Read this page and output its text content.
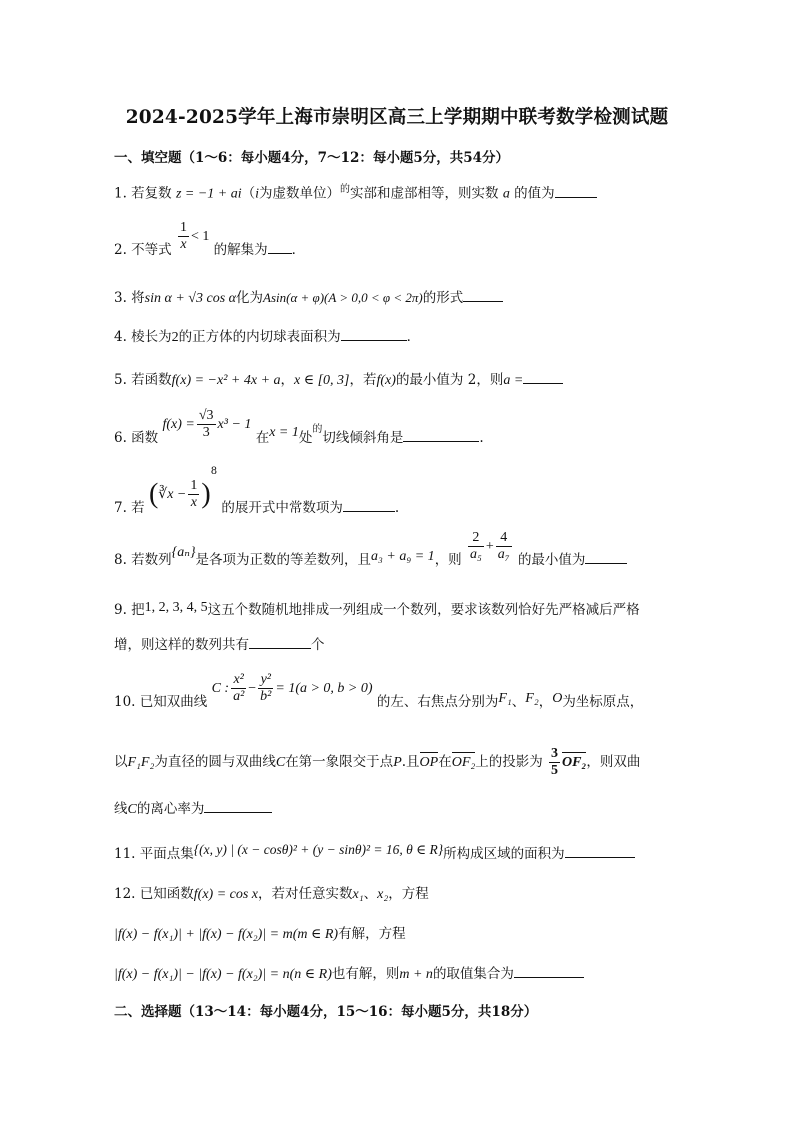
2024-2025学年上海市崇明区高三上学期期中联考数学检测试题
一、填空题（1～6：每小题4分，7～12：每小题5分，共54分）
1. 若复数 z = −1 + ai（i为虚数单位）$^的$实部和虚部相等，则实数 a 的值为
2. 不等式 $\frac{1}{x} < 1$ 的解集为 ．
3. 将sin α + √3 cos α化为Asin(α + φ)(A > 0,0 < φ < 2π)的形式
4. 棱长为2的正方体的内切球表面积为	．
5. 若函数f(x) = −x² + 4x + a，x ∈ [0, 3]，若f(x)的最小值为 2，则a =
6. 函数 $f(x) = \frac{√3}{3} x^3 - 1$ 在x = 1处$_的$切线倾斜角是	.
7. 若 (∛x − $\frac{1}{x} )^8$ 的展开式中常数项为	.
8. 若数列{aₙ}是各项为正数的等差数列，且a₃ + a₉ = 1，则 $\frac{2}{\text{a₅}} + \frac{4}{\text{a₇}}$ 的最小值为
9. 把1, 2, 3, 4, 5这五个数随机地排成一列组成一个数列，要求该数列恰好先严格减后严格
增，则这样的数列共有	个
10. 已知双曲线 C : $\frac{\text{x²}}{\text{a²}} - \frac{\text{y²}}{\text{b²}} = 1(a > 0$, b > 0) 的左、右焦点分别为F₁、F₂，O为坐标原点，
以F₁F₂为直径的圆与双曲线C在第一象限交于点P.且OP在OF₂上的投影为 $\frac{3}{5} OF_2$，则双曲
线C的离心率为
11. 平面点集{(x, y) | (x − cosθ)² + (y − sinθ)² = 16, θ ∈ R}所构成区域的面积为
12. 已知函数f(x) = cos x，若对任意实数x₁、x₂，方程
|f(x) − f(x₁)| + |f(x) − f(x₂)| = m(m ∈ R)有解，方程
|f(x) − f(x₁)| − |f(x) − f(x₂)| = n(n ∈ R)也有解，则m + n的取值集合为
二、选择题（13～14：每小题4分，15～16：每小题5分，共18分）
